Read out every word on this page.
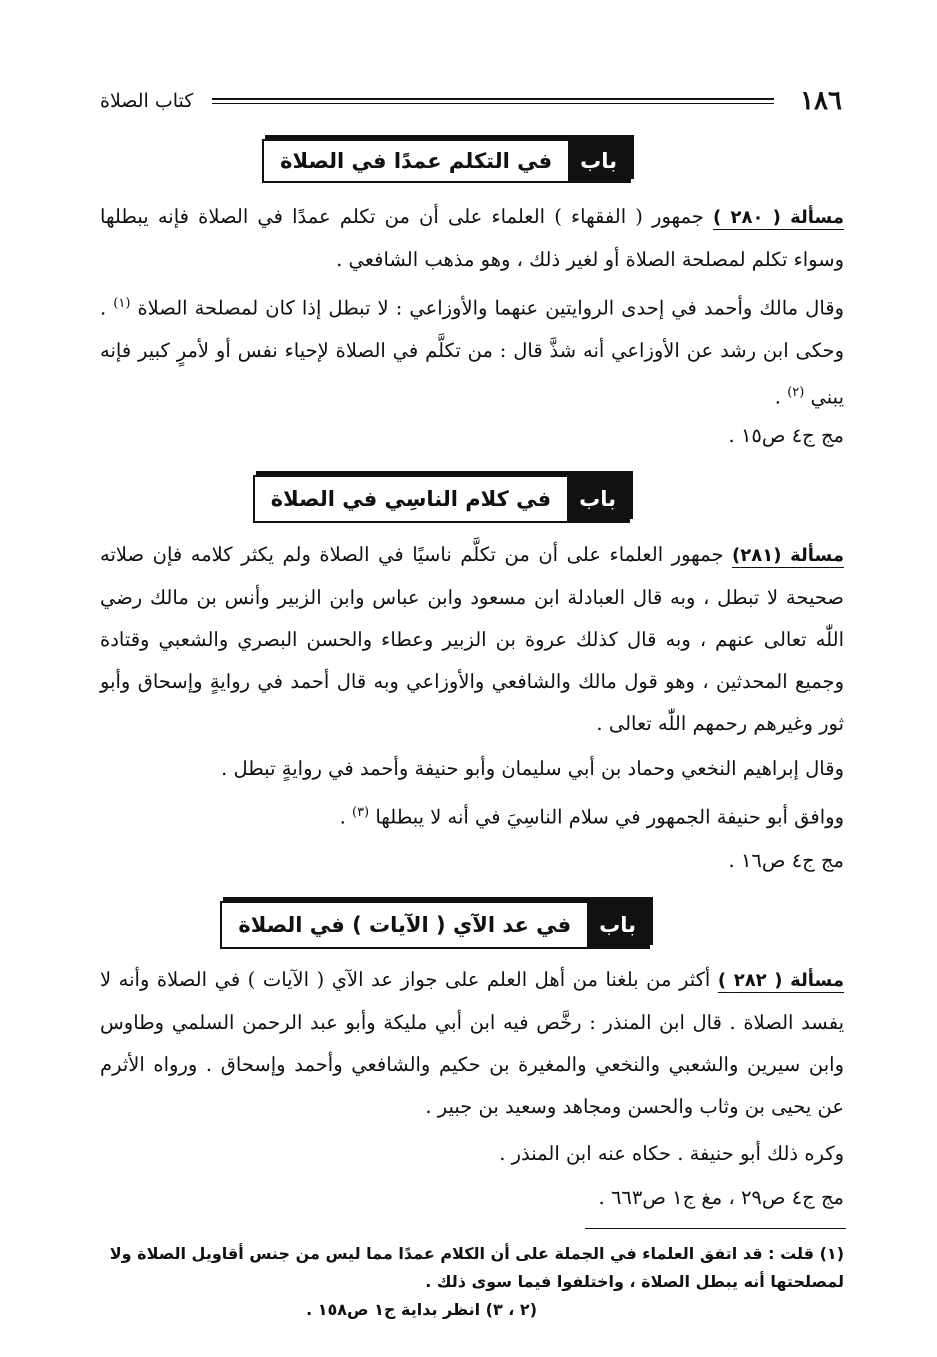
١٨٦
كتاب الصلاة
باب
في التكلم عمدًا في الصلاة

مسألة ( ٢٨٠ ) جمهور ( الفقهاء ) العلماء على أن من تكلم عمدًا في الصلاة فإنه يبطلها وسواء تكلم لمصلحة الصلاة أو لغير ذلك ، وهو مذهب الشافعي .

وقال مالك وأحمد في إحدى الروايتين عنهما والأوزاعي : لا تبطل إذا كان لمصلحة الصلاة $^{(١)}$ . وحكى ابن رشد عن الأوزاعي أنه شذَّ قال : من تكلَّم في الصلاة لإحياء نفس أو لأمرٍ كبير فإنه يبني $^{(٢)}$ .

مج ج٤ ص١٥ .

باب
في كلام الناسِي في الصلاة

مسألة (٢٨١) جمهور العلماء على أن من تكلَّم ناسيًا في الصلاة ولم يكثر كلامه فإن صلاته صحيحة لا تبطل ، وبه قال العبادلة ابن مسعود وابن عباس وابن الزبير وأنس بن مالك رضي اللّٰه تعالى عنهم ، وبه قال كذلك عروة بن الزبير وعطاء والحسن البصري والشعبي وقتادة وجميع المحدثين ، وهو قول مالك والشافعي والأوزاعي وبه قال أحمد في روايةٍ وإسحاق وأبو ثور وغيرهم رحمهم اللّٰه تعالى .

وقال إبراهيم النخعي وحماد بن أبي سليمان وأبو حنيفة وأحمد في روايةٍ تبطل .

ووافق أبو حنيفة الجمهور في سلام الناسِيَ في أنه لا يبطلها $^{(٣)}$ .

مج ج٤ ص١٦ .

باب
في عد الآي ( الآيات ) في الصلاة

مسألة ( ٢٨٢ ) أكثر من بلغنا من أهل العلم على جواز عد الآي ( الآيات ) في الصلاة وأنه لا يفسد الصلاة . قال ابن المنذر : رخَّص فيه ابن أبي مليكة وأبو عبد الرحمن السلمي وطاوس وابن سيرين والشعبي والنخعي والمغيرة بن حكيم والشافعي وأحمد وإسحاق . ورواه الأثرم عن يحيى بن وثاب والحسن ومجاهد وسعيد بن جبير .

وكره ذلك أبو حنيفة . حكاه عنه ابن المنذر .

مج ج٤ ص٢٩ ، مغ ج١ ص٦٦٣ .

(١) قلت : قد اتفق العلماء في الجملة على أن الكلام عمدًا مما ليس من جنس أقاويل الصلاة ولا لمصلحتها أنه يبطل الصلاة ، واختلفوا فيما سوى ذلك .

(٢ ، ٣) انظر بداية ج١ ص١٥٨ .
